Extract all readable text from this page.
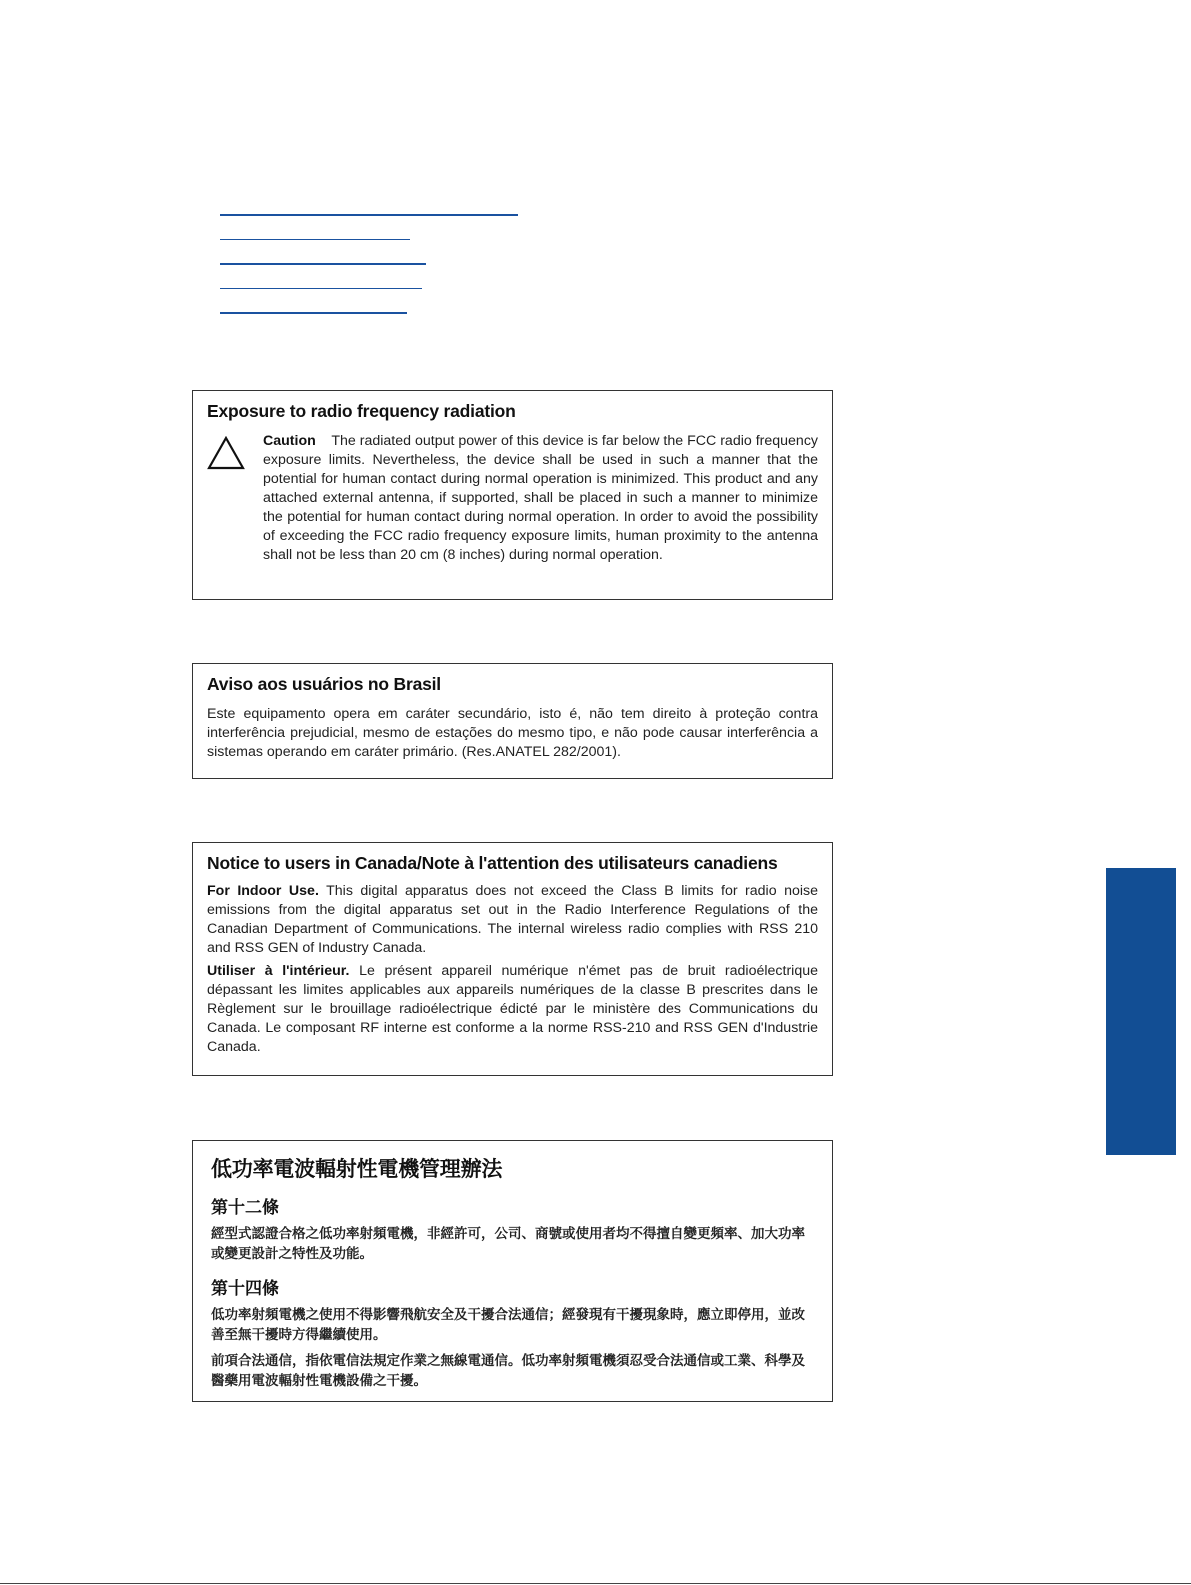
Exposure to radio frequency radiation

Caution The radiated output power of this device is far below the FCC radio frequency exposure limits. Nevertheless, the device shall be used in such a manner that the potential for human contact during normal operation is minimized. This product and any attached external antenna, if supported, shall be placed in such a manner to minimize the potential for human contact during normal operation. In order to avoid the possibility of exceeding the FCC radio frequency exposure limits, human proximity to the antenna shall not be less than 20 cm (8 inches) during normal operation.

Aviso aos usuários no Brasil

Este equipamento opera em caráter secundário, isto é, não tem direito à proteção contra interferência prejudicial, mesmo de estações do mesmo tipo, e não pode causar interferência a sistemas operando em caráter primário. (Res.ANATEL 282/2001).

Notice to users in Canada/Note à l'attention des utilisateurs canadiens

For Indoor Use. This digital apparatus does not exceed the Class B limits for radio noise emissions from the digital apparatus set out in the Radio Interference Regulations of the Canadian Department of Communications. The internal wireless radio complies with RSS 210 and RSS GEN of Industry Canada.

Utiliser à l'intérieur. Le présent appareil numérique n'émet pas de bruit radioélectrique dépassant les limites applicables aux appareils numériques de la classe B prescrites dans le Règlement sur le brouillage radioélectrique édicté par le ministère des Communications du Canada. Le composant RF interne est conforme a la norme RSS-210 and RSS GEN d'Industrie Canada.

低功率電波輻射性電機管理辦法
第十二條

經型式認證合格之低功率射頻電機，非經許可，公司、商號或使用者均不得擅自變更頻率、加大功率或變更設計之特性及功能。

第十四條

低功率射頻電機之使用不得影響飛航安全及干擾合法通信；經發現有干擾現象時，應立即停用，並改善至無干擾時方得繼續使用。

前項合法通信，指依電信法規定作業之無線電通信。低功率射頻電機須忍受合法通信或工業、科學及醫藥用電波輻射性電機設備之干擾。
